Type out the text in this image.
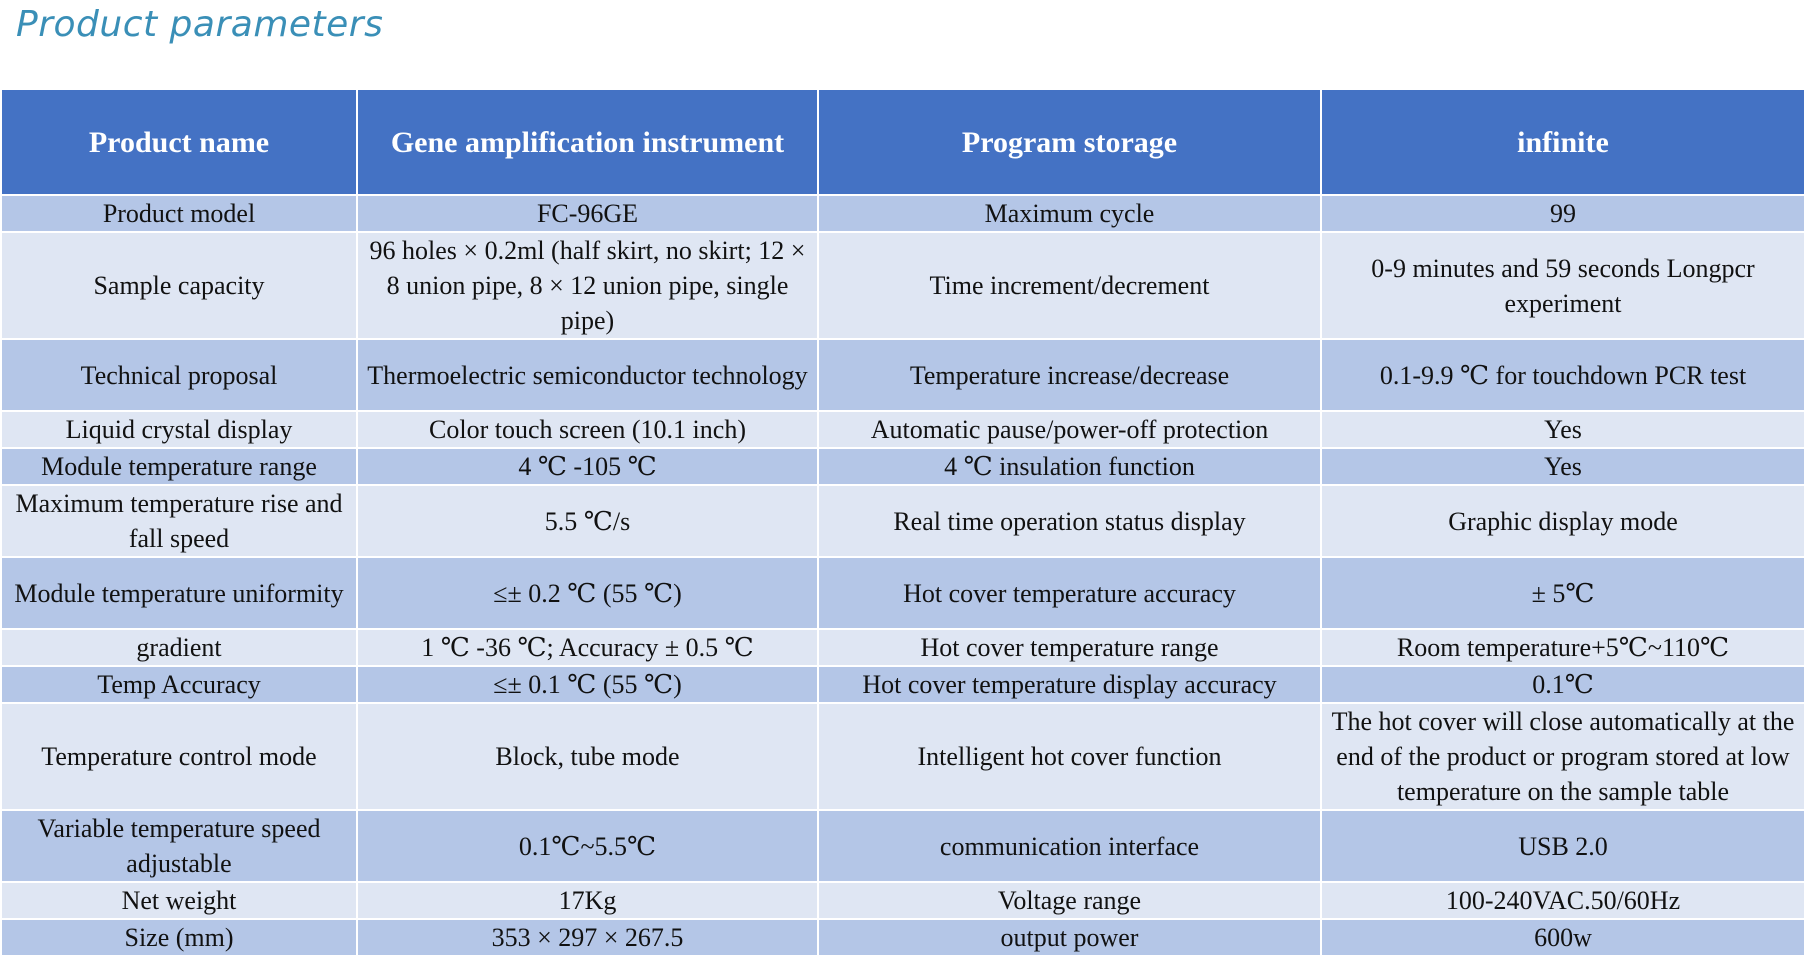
Product parameters
Product name	Gene amplification instrument	Program storage	infinite
Product model	FC-96GE	Maximum cycle	99
Sample capacity	96 holes × 0.2ml (half skirt, no skirt; 12 × 8 union pipe, 8 × 12 union pipe, single pipe)	Time increment/decrement	0-9 minutes and 59 seconds Longpcr experiment
Technical proposal	Thermoelectric semiconductor technology	Temperature increase/decrease	0.1-9.9 ℃ for touchdown PCR test
Liquid crystal display	Color touch screen (10.1 inch)	Automatic pause/power-off protection	Yes
Module temperature range	4 ℃ -105 ℃	4 ℃ insulation function	Yes
Maximum temperature rise and fall speed	5.5 ℃/s	Real time operation status display	Graphic display mode
Module temperature uniformity	≤± 0.2 ℃ (55 ℃)	Hot cover temperature accuracy	± 5℃
gradient	1 ℃ -36 ℃; Accuracy ± 0.5 ℃	Hot cover temperature range	Room temperature+5℃~110℃
Temp Accuracy	≤± 0.1 ℃ (55 ℃)	Hot cover temperature display accuracy	0.1℃
Temperature control mode	Block, tube mode	Intelligent hot cover function	The hot cover will close automatically at the end of the product or program stored at low temperature on the sample table
Variable temperature speed adjustable	0.1℃~5.5℃	communication interface	USB 2.0
Net weight	17Kg	Voltage range	100-240VAC.50/60Hz
Size (mm)	353 × 297 × 267.5	output power	600w
